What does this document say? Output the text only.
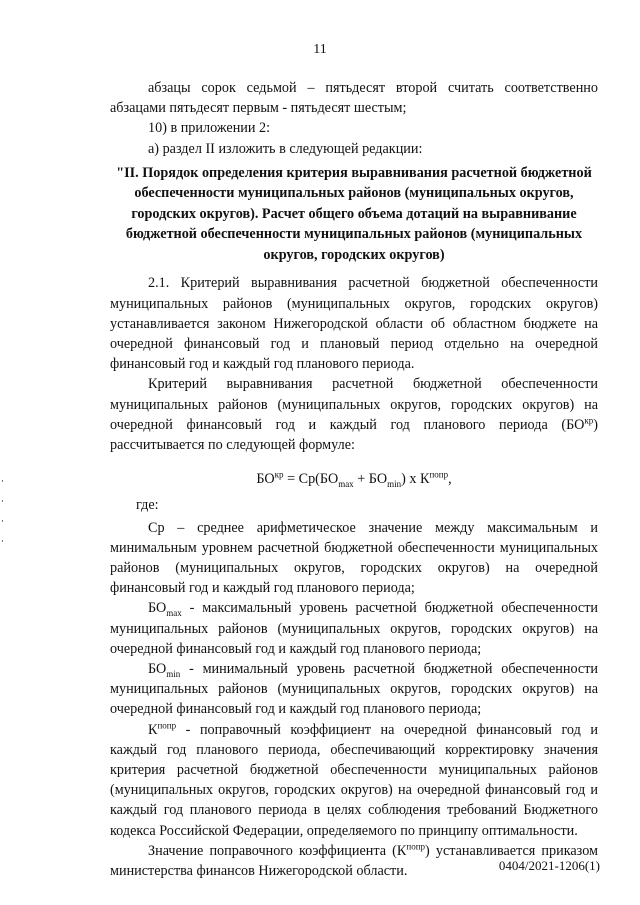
11

абзацы сорок седьмой – пятьдесят второй считать соответственно абзацами пятьдесят первым - пятьдесят шестым;

10) в приложении 2:

а) раздел II изложить в следующей редакции:

"II. Порядок определения критерия выравнивания расчетной бюджетной обеспеченности муниципальных районов (муниципальных округов, городских округов). Расчет общего объема дотаций на выравнивание бюджетной обеспеченности муниципальных районов (муниципальных округов, городских округов)

2.1. Критерий выравнивания расчетной бюджетной обеспеченности муниципальных районов (муниципальных округов, городских округов) устанавливается законом Нижегородской области об областном бюджете на очередной финансовый год и плановый период отдельно на очередной финансовый год и каждый год планового периода.

Критерий выравнивания расчетной бюджетной обеспеченности муниципальных районов (муниципальных округов, городских округов) на очередной финансовый год и каждый год планового периода $(БО^{кр})$ рассчитывается по следующей формуле:

$БО^{кр} = Ср(БО_{max} + БО_{min})$ х $К^{попр}$,

где:

Ср – среднее арифметическое значение между максимальным и минимальным уровнем расчетной бюджетной обеспеченности муниципальных районов (муниципальных округов, городских округов) на очередной финансовый год и каждый год планового периода;

$БО_{max}$ - максимальный уровень расчетной бюджетной обеспеченности муниципальных районов (муниципальных округов, городских округов) на очередной финансовый год и каждый год планового периода;

$БО_{min}$ - минимальный уровень расчетной бюджетной обеспеченности муниципальных районов (муниципальных округов, городских округов) на очередной финансовый год и каждый год планового периода;

$К^{попр}$ - поправочный коэффициент на очередной финансовый год и каждый год планового периода, обеспечивающий корректировку значения критерия расчетной бюджетной обеспеченности муниципальных районов (муниципальных округов, городских округов) на очередной финансовый год и каждый год планового периода в целях соблюдения требований Бюджетного кодекса Российской Федерации, определяемого по принципу оптимальности.

Значение поправочного коэффициента $(К^{попр})$ устанавливается приказом министерства финансов Нижегородской области.	0404/2021-1206(1)
